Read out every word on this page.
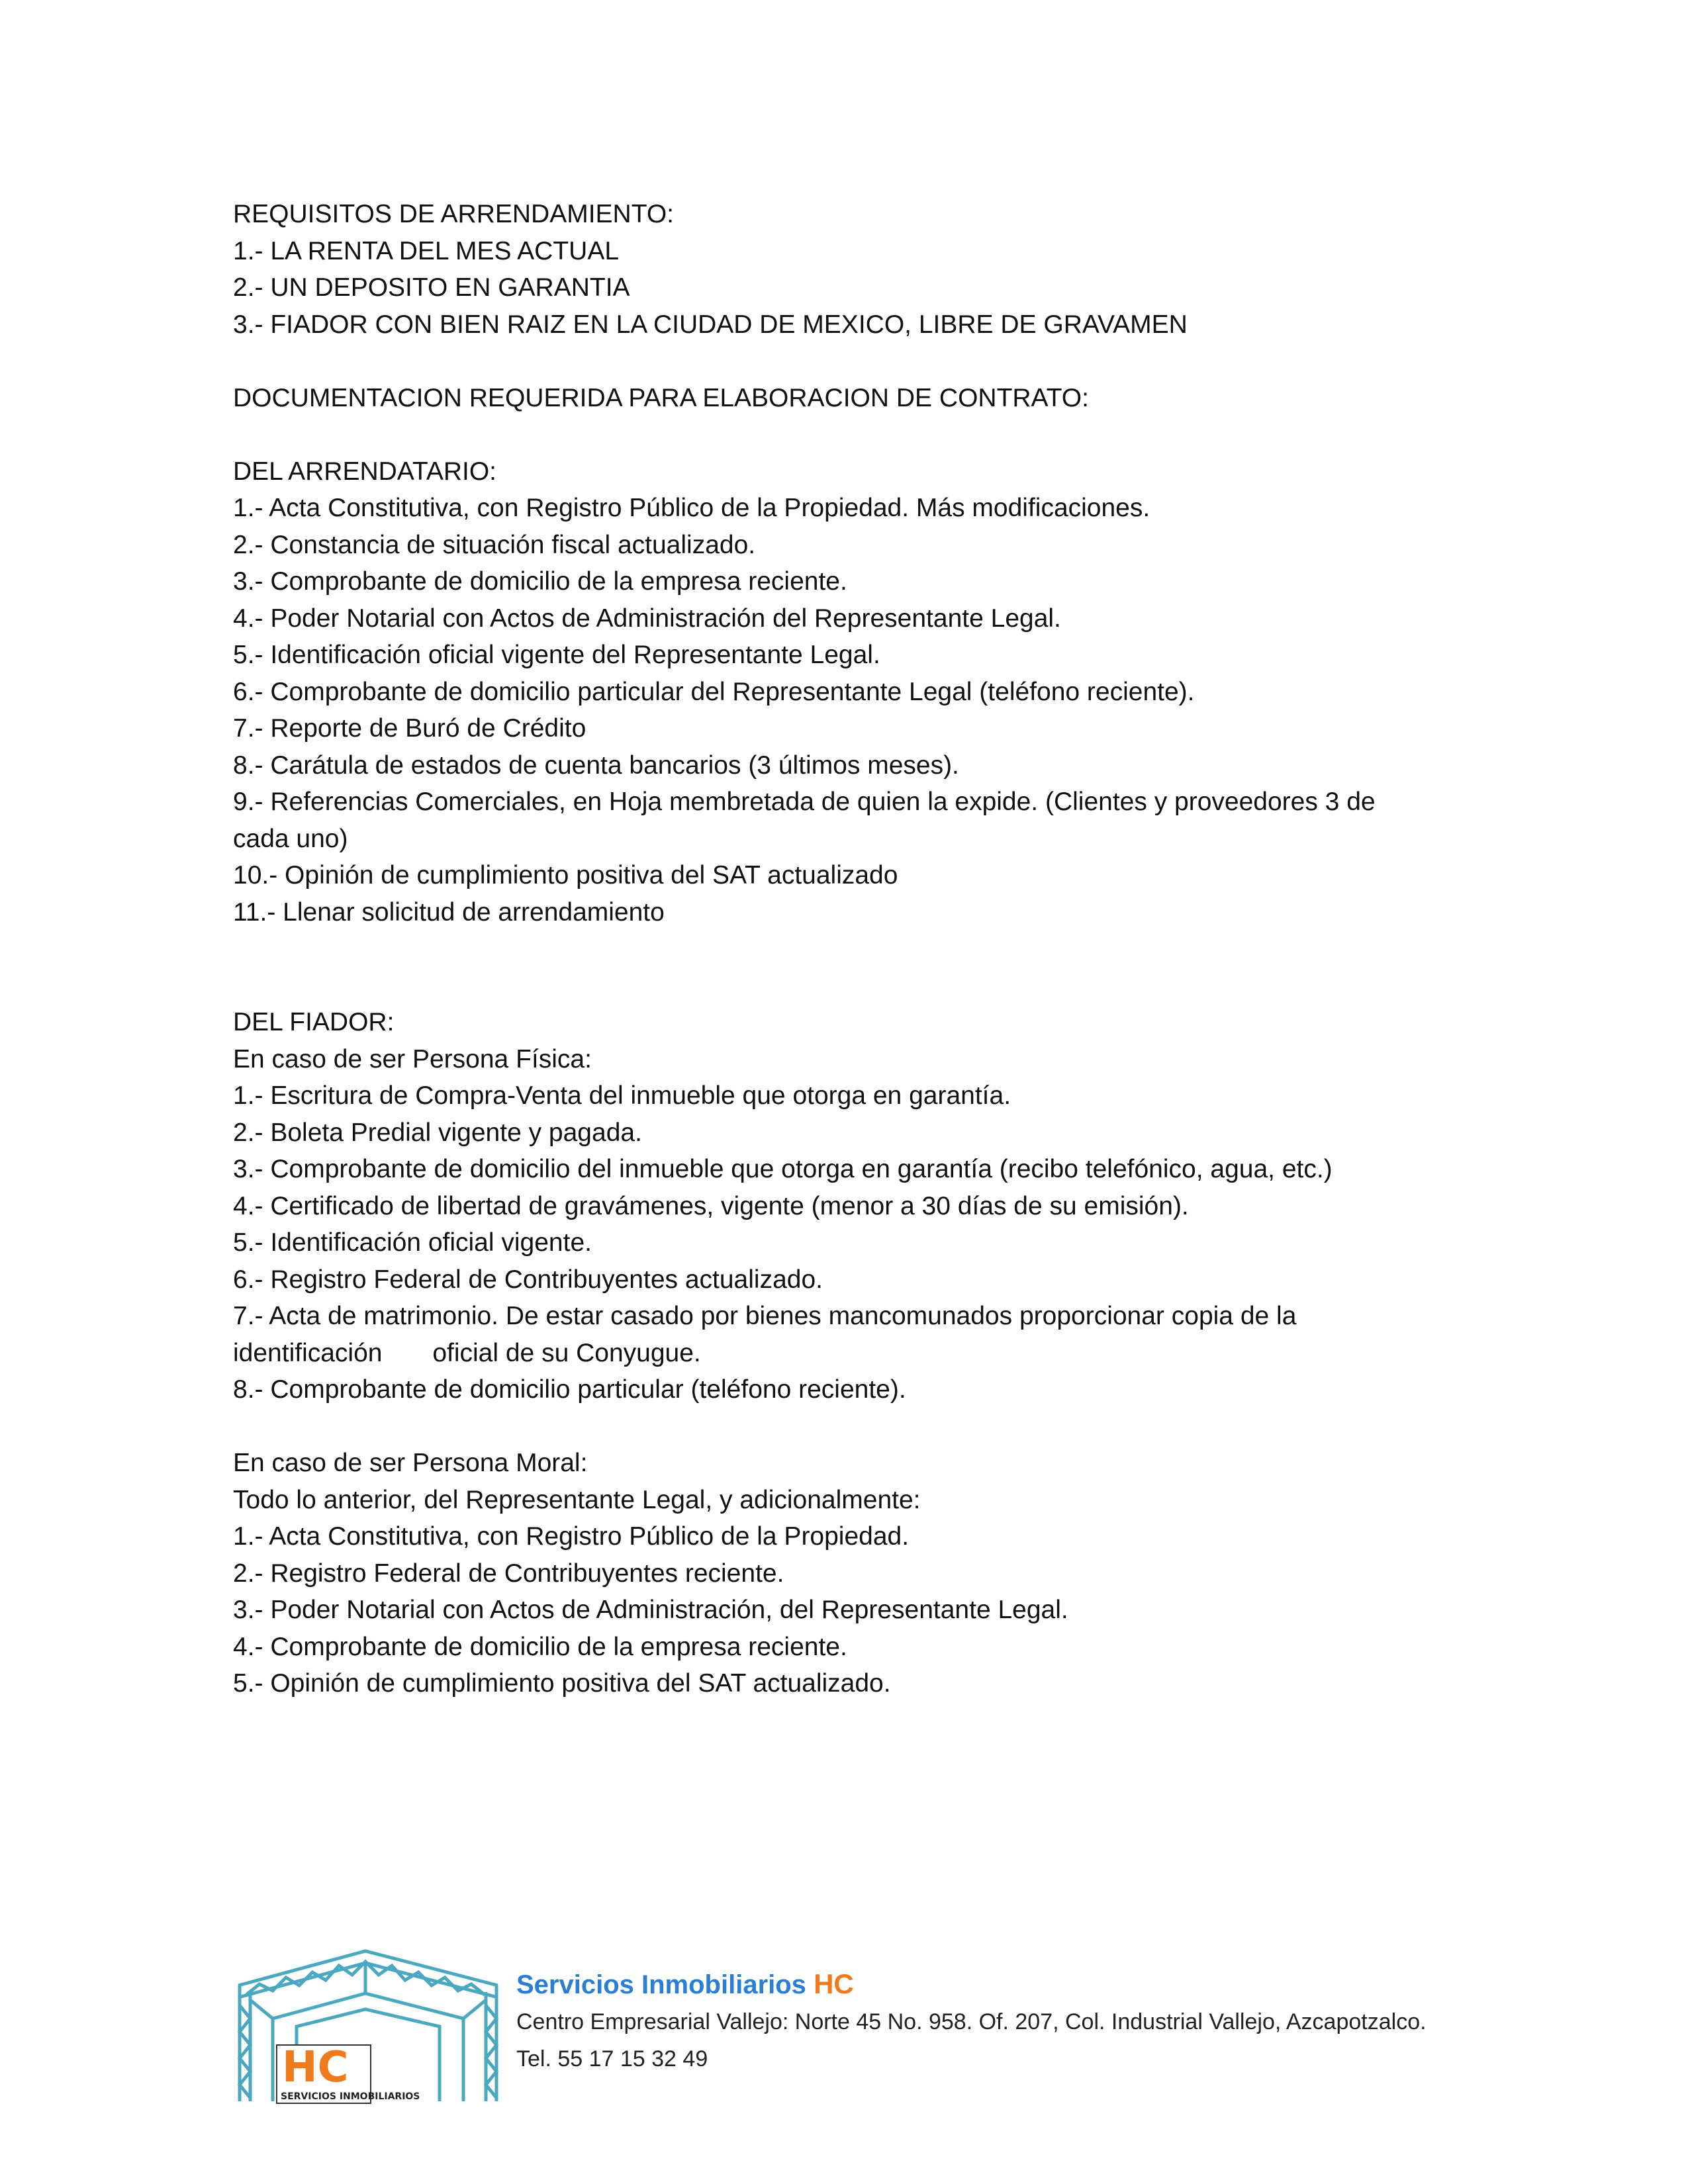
REQUISITOS DE ARRENDAMIENTO:
1.- LA RENTA DEL MES ACTUAL
2.- UN DEPOSITO EN GARANTIA
3.- FIADOR CON BIEN RAIZ EN LA CIUDAD DE MEXICO, LIBRE DE GRAVAMEN
DOCUMENTACION REQUERIDA PARA ELABORACION DE CONTRATO:
DEL ARRENDATARIO:
1.- Acta Constitutiva, con Registro Público de la Propiedad. Más modificaciones.
2.- Constancia de situación fiscal actualizado.
3.- Comprobante de domicilio de la empresa reciente.
4.- Poder Notarial con Actos de Administración del Representante Legal.
5.- Identificación oficial vigente del Representante Legal.
6.- Comprobante de domicilio particular del Representante Legal (teléfono reciente).
7.- Reporte de Buró de Crédito
8.- Carátula de estados de cuenta bancarios (3 últimos meses).
9.- Referencias Comerciales, en Hoja membretada de quien la expide. (Clientes y proveedores 3 de
cada uno)
10.- Opinión de cumplimiento positiva del SAT actualizado
11.- Llenar solicitud de arrendamiento
DEL FIADOR:
En caso de ser Persona Física:
1.- Escritura de Compra-Venta del inmueble que otorga en garantía.
2.- Boleta Predial vigente y pagada.
3.- Comprobante de domicilio del inmueble que otorga en garantía (recibo telefónico, agua, etc.)
4.- Certificado de libertad de gravámenes, vigente (menor a 30 días de su emisión).
5.- Identificación oficial vigente.
6.- Registro Federal de Contribuyentes actualizado.
7.- Acta de matrimonio. De estar casado por bienes mancomunados proporcionar copia de la
identificación       oficial de su Conyugue.
8.- Comprobante de domicilio particular (teléfono reciente).
En caso de ser Persona Moral:
Todo lo anterior, del Representante Legal, y adicionalmente:
1.- Acta Constitutiva, con Registro Público de la Propiedad.
2.- Registro Federal de Contribuyentes reciente.
3.- Poder Notarial con Actos de Administración, del Representante Legal.
4.- Comprobante de domicilio de la empresa reciente.
5.- Opinión de cumplimiento positiva del SAT actualizado.
HC
SERVICIOS INMOBILIARIOS
Servicios Inmobiliarios HC
Centro Empresarial Vallejo: Norte 45 No. 958. Of. 207, Col. Industrial Vallejo, Azcapotzalco.
Tel. 55 17 15 32 49
